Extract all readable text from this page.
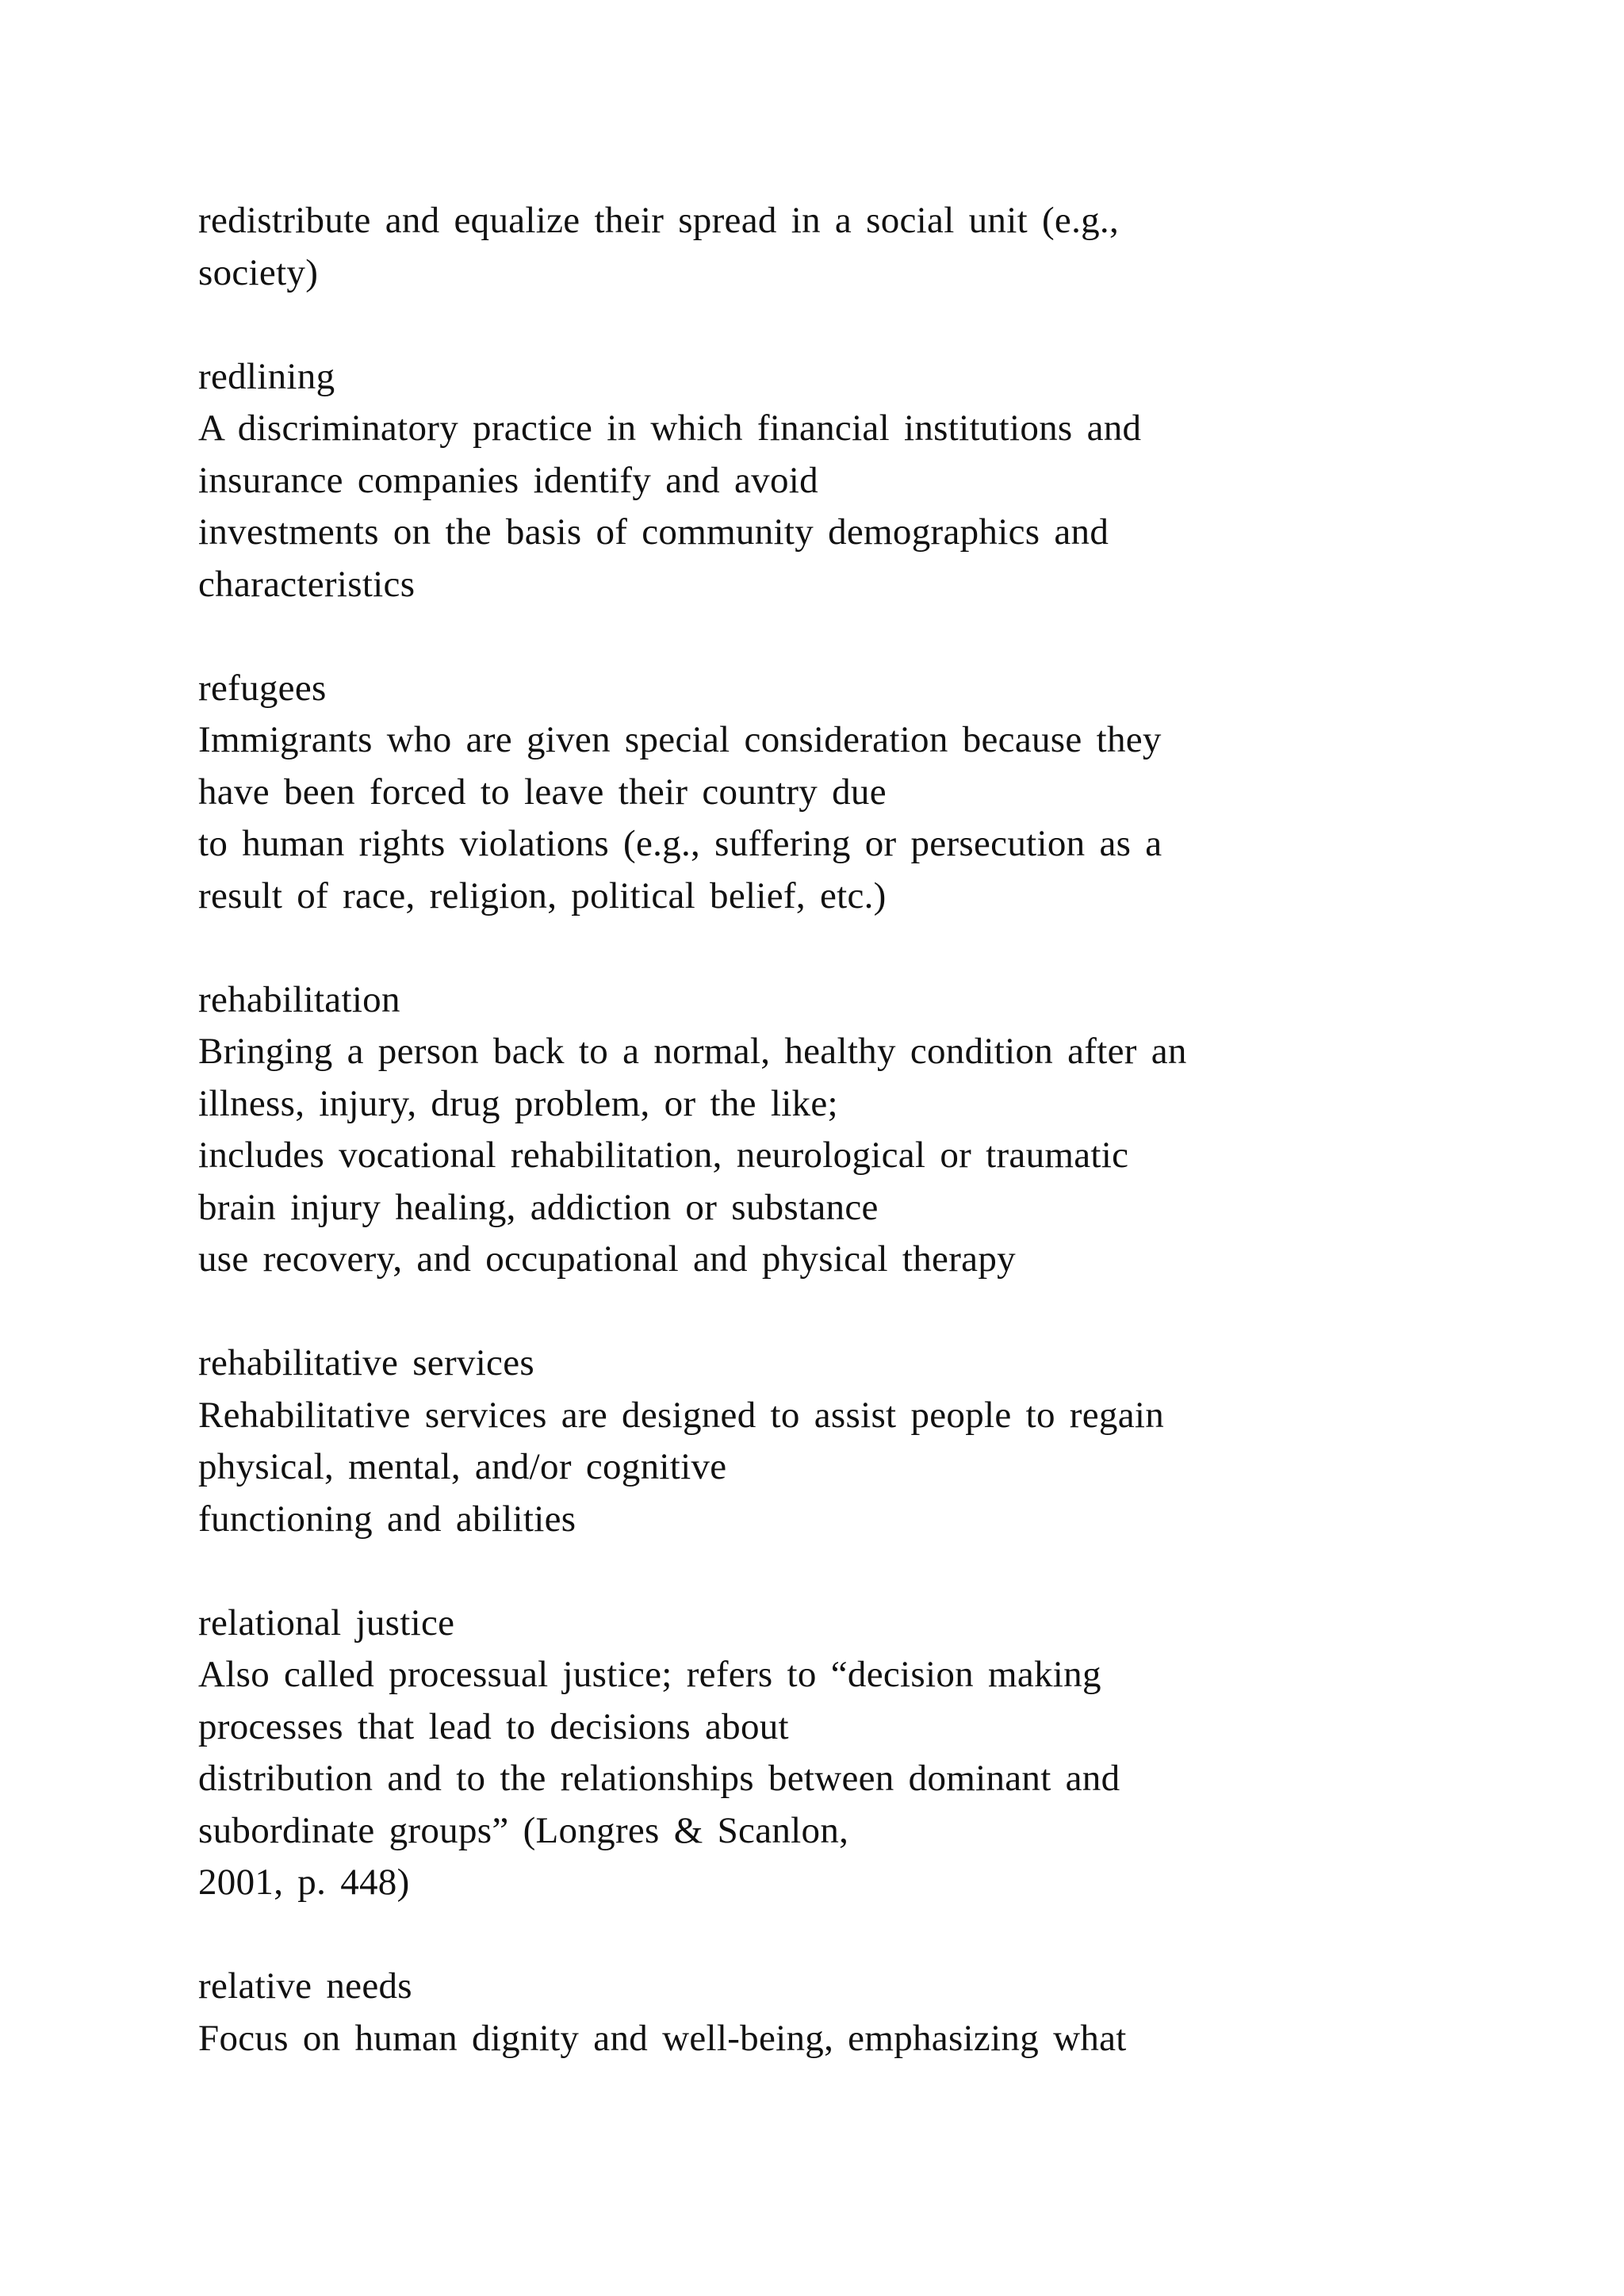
redistribute and equalize their spread in a social unit (e.g.,
society)
redlining
A discriminatory practice in which financial institutions and
insurance companies identify and avoid
investments on the basis of community demographics and
characteristics
refugees
Immigrants who are given special consideration because they
have been forced to leave their country due
to human rights violations (e.g., suffering or persecution as a
result of race, religion, political belief, etc.)
rehabilitation
Bringing a person back to a normal, healthy condition after an
illness, injury, drug problem, or the like;
includes vocational rehabilitation, neurological or traumatic
brain injury healing, addiction or substance
use recovery, and occupational and physical therapy
rehabilitative services
Rehabilitative services are designed to assist people to regain
physical, mental, and/or cognitive
functioning and abilities
relational justice
Also called processual justice; refers to “decision making
processes that lead to decisions about
distribution and to the relationships between dominant and
subordinate groups” (Longres & Scanlon,
2001, p. 448)
relative needs
Focus on human dignity and well-being, emphasizing what
